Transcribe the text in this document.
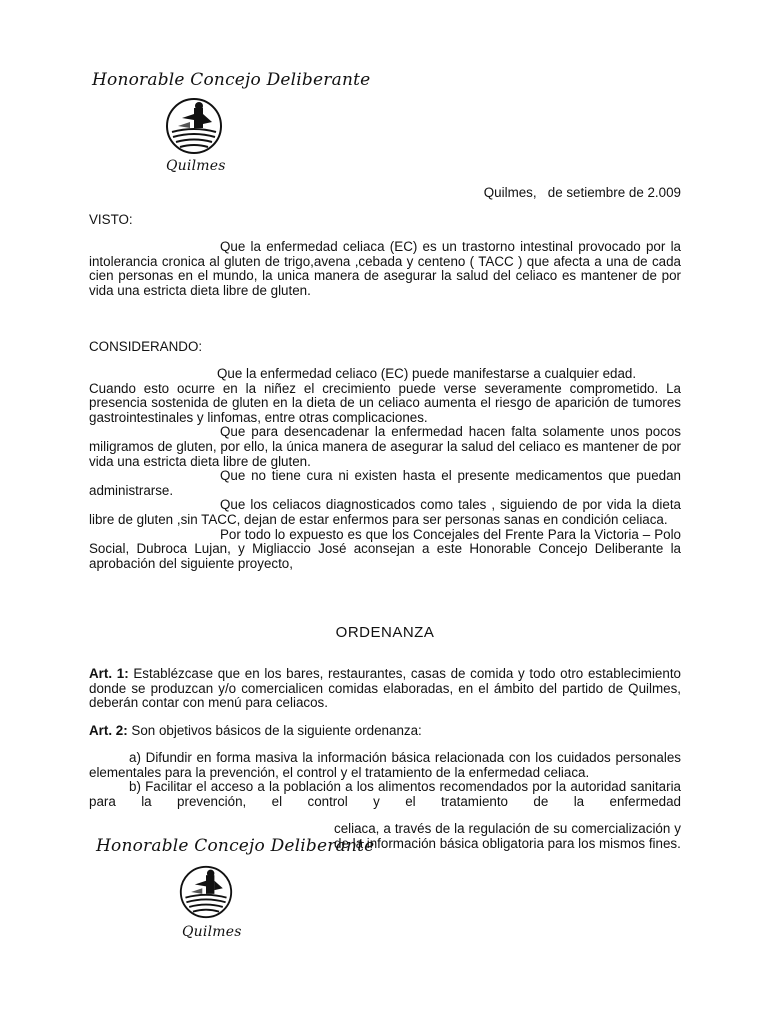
Honorable Concejo Deliberante
Quilmes
Quilmes,   de setiembre de 2.009
VISTO:

Que la enfermedad celiaca (EC) es un trastorno intestinal provocado por la intolerancia cronica al gluten de trigo,avena ,cebada y centeno ( TACC ) que afecta a una de cada cien personas en el mundo, la unica manera de asegurar la salud del celiaco es mantener de por vida una estricta dieta libre de gluten.

CONSIDERANDO:

Que la enfermedad celiaco (EC) puede manifestarse a cualquier edad.

Cuando esto ocurre en la niñez el crecimiento puede verse severamente comprometido. La presencia sostenida de gluten en la dieta de un celiaco aumenta el riesgo de aparición de tumores gastrointestinales y linfomas, entre otras complicaciones.

Que para desencadenar la enfermedad hacen falta solamente unos pocos miligramos de gluten, por ello, la única manera de asegurar la salud del celiaco es mantener de por vida una estricta dieta libre de gluten.

Que no tiene cura ni existen hasta el presente medicamentos que puedan administrarse.

Que los celiacos diagnosticados como tales , siguiendo de por vida la dieta libre de gluten ,sin TACC, dejan de estar enfermos para ser personas sanas en condición celiaca.

Por todo lo expuesto es que los Concejales del Frente Para la Victoria – Polo Social, Dubroca Lujan, y Migliaccio José aconsejan a este Honorable Concejo Deliberante la aprobación del siguiente proyecto,

ORDENANZA

Art. 1: Establézcase que en los bares, restaurantes, casas de comida y todo otro establecimiento donde se produzcan y/o comercialicen comidas elaboradas, en el ámbito del partido de Quilmes, deberán contar con menú para celiacos.

Art. 2: Son objetivos básicos de la siguiente ordenanza:

a) Difundir en forma masiva la información básica relacionada con los cuidados personales elementales para la prevención, el control y el tratamiento de la enfermedad celiaca.

b) Facilitar el acceso a la población a los alimentos recomendados por la autoridad sanitaria para la prevención, el control y el tratamiento de la enfermedad

celiaca, a través de la regulación de su comercialización y de la información básica obligatoria para los mismos fines.

Honorable Concejo Deliberante
Quilmes
